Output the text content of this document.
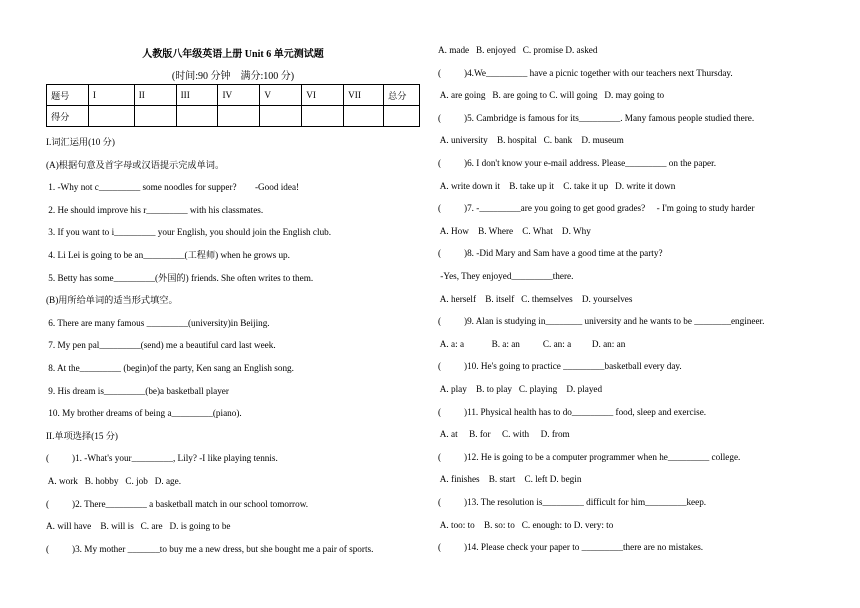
人教版八年级英语上册 Unit 6 单元测试题
(时间:90 分钟    满分:100 分)
题号	I	II	III	IV	V	VI	VII	总分
得分								
I.词汇运用(10 分)
(A)根据句意及首字母或汉语提示完成单词。
1. -Why not c_________ some noodles for supper?        -Good idea!
2. He should improve his r_________ with his classmates.
3. If you want to i_________ your English, you should join the English club.
4. Li Lei is going to be an_________(工程师) when he grows up.
5. Betty has some_________(外国的) friends. She often writes to them.
(B)用所给单词的适当形式填空。
6. There are many famous _________(university)in Beijing.
7. My pen pal_________(send) me a beautiful card last week.
8. At the_________ (begin)of the party, Ken sang an English song.
9. His dream is_________(be)a basketball player
10. My brother dreams of being a_________(piano).
II.单项选择(15 分)
(          )1. -What's your_________, Lily? -I like playing tennis.
A. work   B. hobby   C. job   D. age.
(          )2. There_________ a basketball match in our school tomorrow.
A. will have    B. will is   C. are   D. is going to be
(          )3. My mother _______to buy me a new dress, but she bought me a pair of sports.
A. made   B. enjoyed   C. promise D. asked
(          )4.We_________ have a picnic together with our teachers next Thursday.
A. are going   B. are going to C. will going   D. may going to
(          )5. Cambridge is famous for its_________. Many famous people studied there.
A. university    B. hospital   C. bank    D. museum
(          )6. I don't know your e-mail address. Please_________ on the paper.
A. write down it    B. take up it    C. take it up   D. write it down
(          )7. -_________are you going to get good grades?     - I'm going to study harder
A. How    B. Where    C. What    D. Why
(          )8. -Did Mary and Sam have a good time at the party?
-Yes, They enjoyed_________there.
A. herself    B. itself   C. themselves    D. yourselves
(          )9. Alan is studying in________ university and he wants to be ________engineer.
A. a: a            B. a: an          C. an: a         D. an: an
(          )10. He's going to practice _________basketball every day.
A. play    B. to play   C. playing    D. played
(          )11. Physical health has to do_________ food, sleep and exercise.
A. at     B. for     C. with     D. from
(          )12. He is going to be a computer programmer when he_________ college.
A. finishes    B. start    C. left D. begin
(          )13. The resolution is_________ difficult for him_________keep.
A. too: to    B. so: to   C. enough: to D. very: to
(          )14. Please check your paper to _________there are no mistakes.
